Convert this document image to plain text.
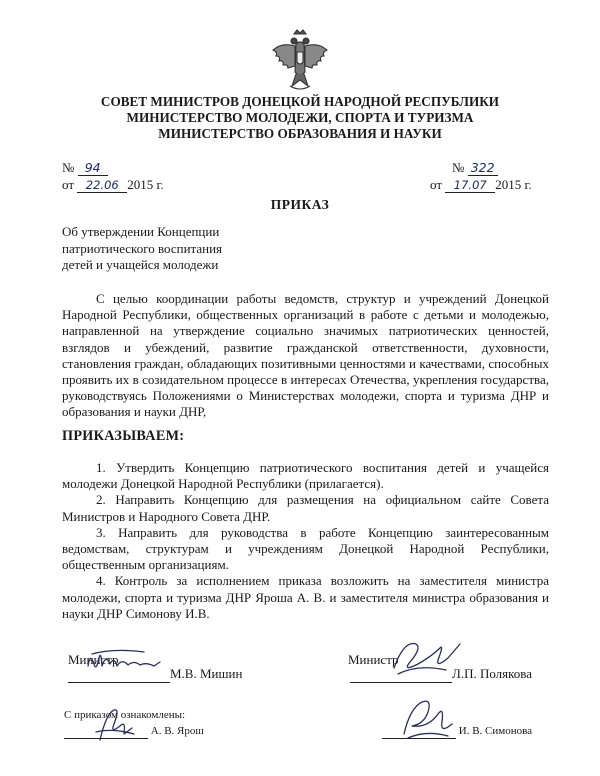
СОВЕТ МИНИСТРОВ ДОНЕЦКОЙ НАРОДНОЙ РЕСПУБЛИКИ
МИНИСТЕРСТВО МОЛОДЕЖИ, СПОРТА И ТУРИЗМА
МИНИСТЕРСТВО ОБРАЗОВАНИЯ И НАУКИ
№ 94
от 22.06 2015 г.
№ 322
от 17.07 2015 г.
ПРИКАЗ
Об утверждении Концепции
патриотического воспитания
детей и учащейся молодежи

С целью координации работы ведомств, структур и учреждений Донецкой Народной Республики, общественных организаций в работе с детьми и молодежью, направленной на утверждение социально значимых патриотических ценностей, взглядов и убеждений, развитие гражданской ответственности, духовности, становления граждан, обладающих позитивными ценностями и качествами, способных проявить их в созидательном процессе в интересах Отечества, укрепления государства, руководствуясь Положениями о Министерствах молодежи, спорта и туризма ДНР и образования и науки ДНР,

ПРИКАЗЫВАЕМ:

1. Утвердить Концепцию патриотического воспитания детей и учащейся молодежи Донецкой Народной Республики (прилагается).

2. Направить Концепцию для размещения на официальном сайте Совета Министров и Народного Совета ДНР.

3. Направить для руководства в работе Концепцию заинтересованным ведомствам, структурам и учреждениям Донецкой Народной Республики, общественным организациям.

4. Контроль за исполнением приказа возложить на заместителя министра молодежи, спорта и туризма ДНР Яроша А. В. и заместителя министра образования и науки ДНР Симонову И.В.

Министр
М.В. Мишин
Министр
Л.П. Полякова
С приказом ознакомлены:
А. В. Ярош	И. В. Симонова
